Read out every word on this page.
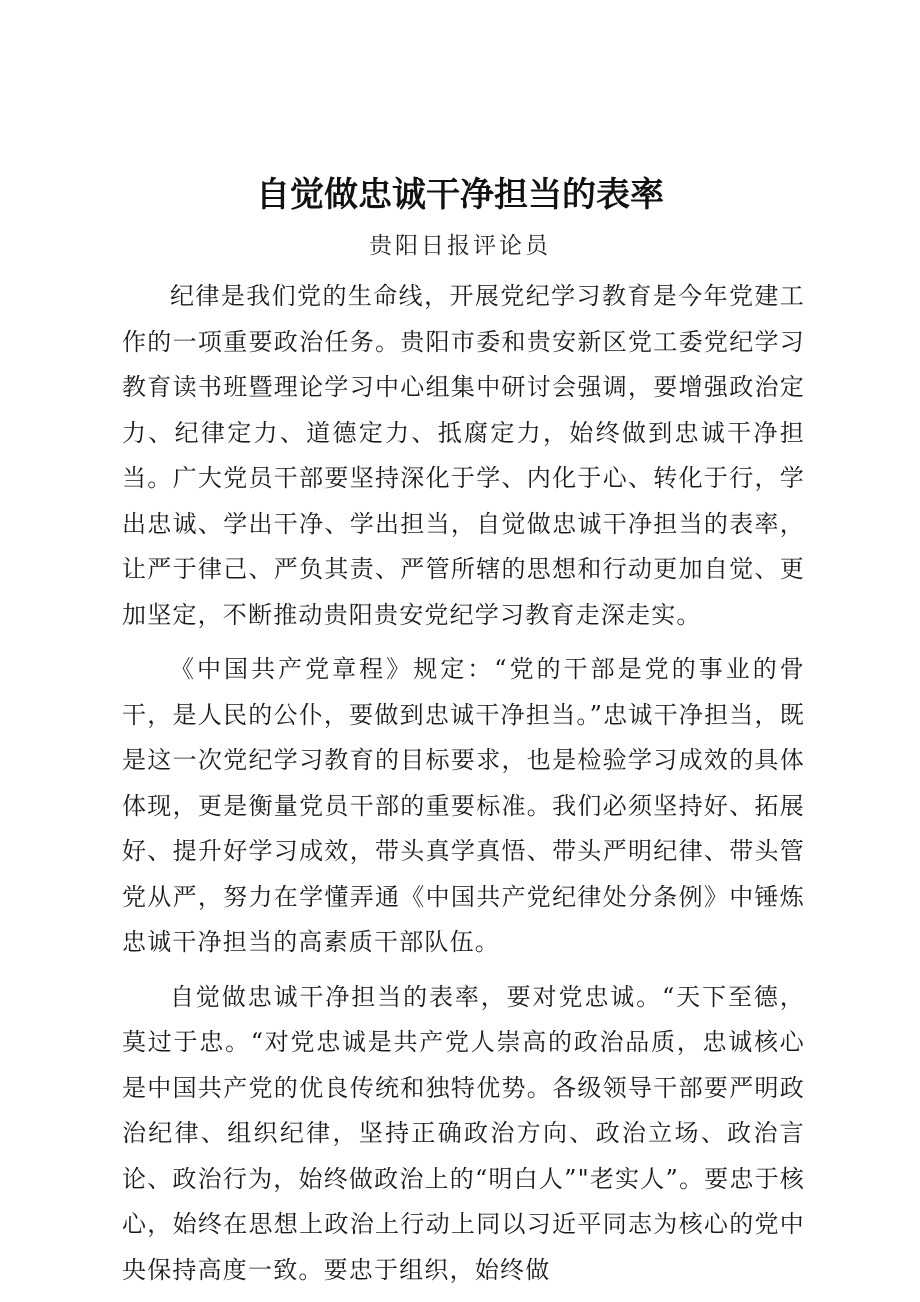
自觉做忠诚干净担当的表率
贵阳日报评论员

纪律是我们党的生命线，开展党纪学习教育是今年党建工作的一项重要政治任务。贵阳市委和贵安新区党工委党纪学习教育读书班暨理论学习中心组集中研讨会强调，要增强政治定力、纪律定力、道德定力、抵腐定力，始终做到忠诚干净担当。广大党员干部要坚持深化于学、内化于心、转化于行，学出忠诚、学出干净、学出担当，自觉做忠诚干净担当的表率，让严于律己、严负其责、严管所辖的思想和行动更加自觉、更加坚定，不断推动贵阳贵安党纪学习教育走深走实。

《中国共产党章程》规定：“党的干部是党的事业的骨干，是人民的公仆，要做到忠诚干净担当。”忠诚干净担当，既是这一次党纪学习教育的目标要求，也是检验学习成效的具体体现，更是衡量党员干部的重要标准。我们必须坚持好、拓展好、提升好学习成效，带头真学真悟、带头严明纪律、带头管党从严，努力在学懂弄通《中国共产党纪律处分条例》中锤炼忠诚干净担当的高素质干部队伍。

自觉做忠诚干净担当的表率，要对党忠诚。“天下至德，莫过于忠。“对党忠诚是共产党人崇高的政治品质，忠诚核心是中国共产党的优良传统和独特优势。各级领导干部要严明政治纪律、组织纪律，坚持正确政治方向、政治立场、政治言论、政治行为，始终做政治上的“明白人”"老实人”。要忠于核心，始终在思想上政治上行动上同以习近平同志为核心的党中央保持高度一致。要忠于组织，始终做
